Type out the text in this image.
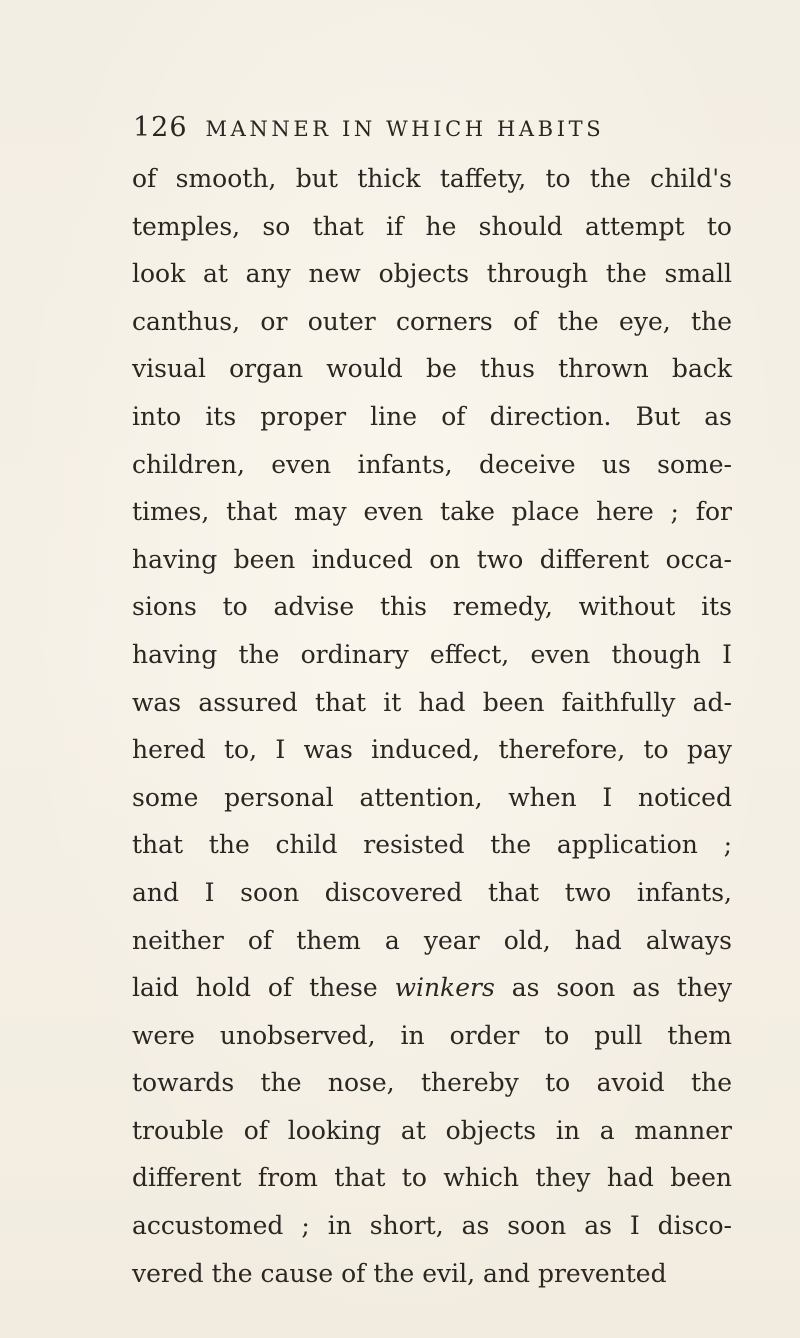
126 MANNER IN WHICH HABITS
of smooth, but thick taffety, to the child's
temples, so that if he should attempt to
look at any new objects through the small
canthus, or outer corners of the eye, the
visual organ would be thus thrown back
into its proper line of direction. But as
children, even infants, deceive us some-
times, that may even take place here ; for
having been induced on two different occa-
sions to advise this remedy, without its
having the ordinary effect, even though I
was assured that it had been faithfully ad-
hered to, I was induced, therefore, to pay
some personal attention, when I noticed
that the child resisted the application ;
and I soon discovered that two infants,
neither of them a year old, had always
laid hold of these winkers as soon as they
were unobserved, in order to pull them
towards the nose, thereby to avoid the
trouble of looking at objects in a manner
different from that to which they had been
accustomed ; in short, as soon as I disco-
vered the cause of the evil, and prevented
